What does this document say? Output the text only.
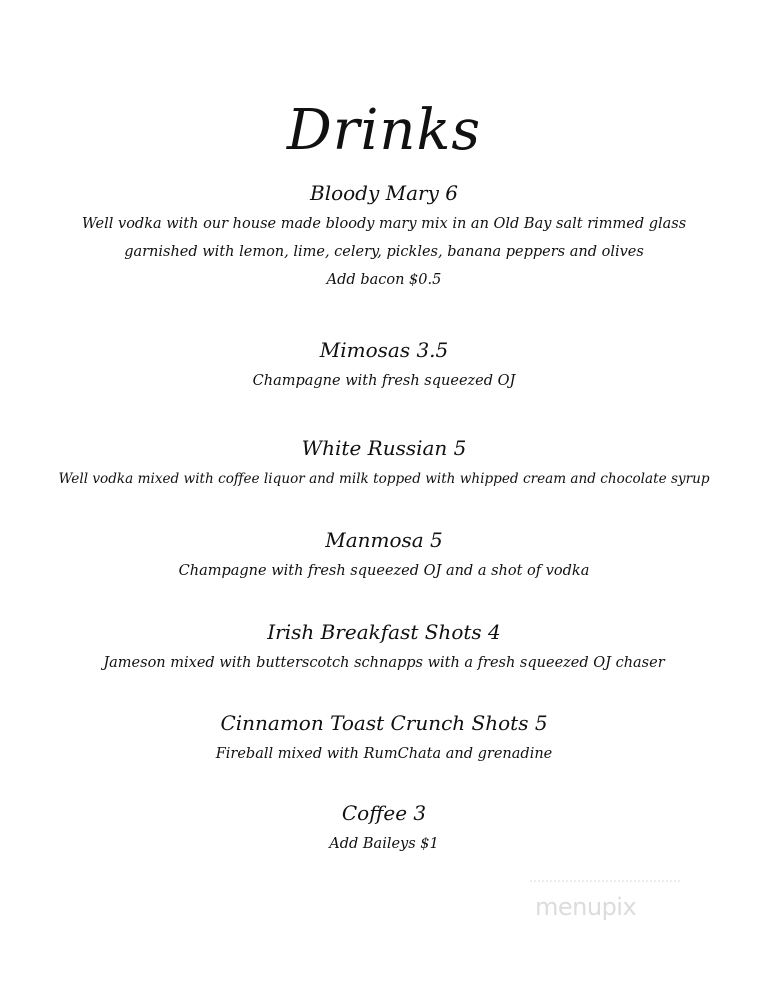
Drinks
Bloody Mary 6
Well vodka with our house made bloody mary mix in an Old Bay salt rimmed glass
garnished with lemon, lime, celery, pickles, banana peppers and olives
Add bacon $0.5
Mimosas 3.5
Champagne with fresh squeezed OJ
White Russian 5
Well vodka mixed with coffee liquor and milk topped with whipped cream and chocolate syrup
Manmosa 5
Champagne with fresh squeezed OJ and a shot of vodka
Irish Breakfast Shots 4
Jameson mixed with butterscotch schnapps with a fresh squeezed OJ chaser
Cinnamon Toast Crunch Shots 5
Fireball mixed with RumChata and grenadine
Coffee 3
Add Baileys $1
menupix
